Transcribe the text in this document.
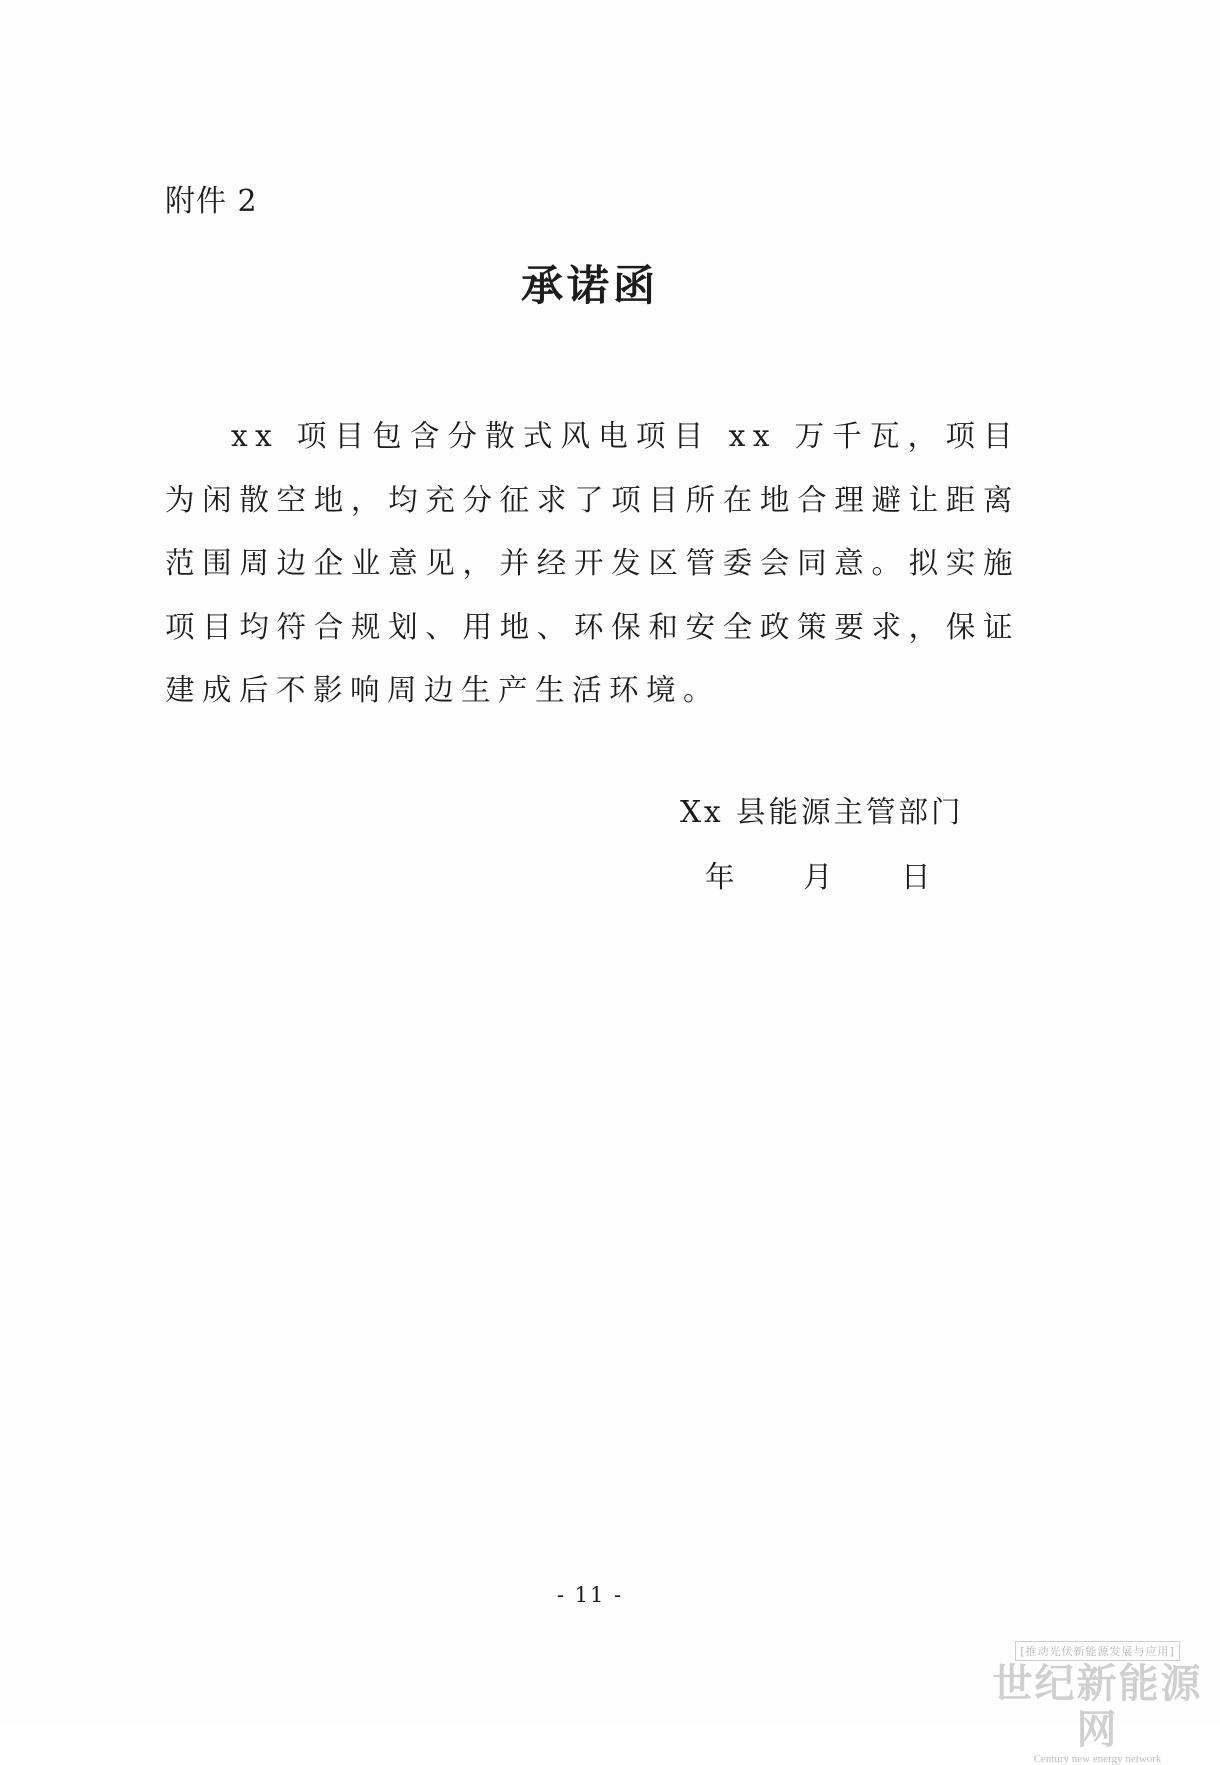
附件 2
承诺函

xx 项目包含分散式风电项目 xx 万千瓦，项目为闲散空地，均充分征求了项目所在地合理避让距离范围周边企业意见，并经开发区管委会同意。拟实施项目均符合规划、用地、环保和安全政策要求，保证建成后不影响周边生产生活环境。

Xx 县能源主管部门
年	月	日
- 11 -
[推动光伏新能源发展与应用]
世纪新能源网
Century new energy network
